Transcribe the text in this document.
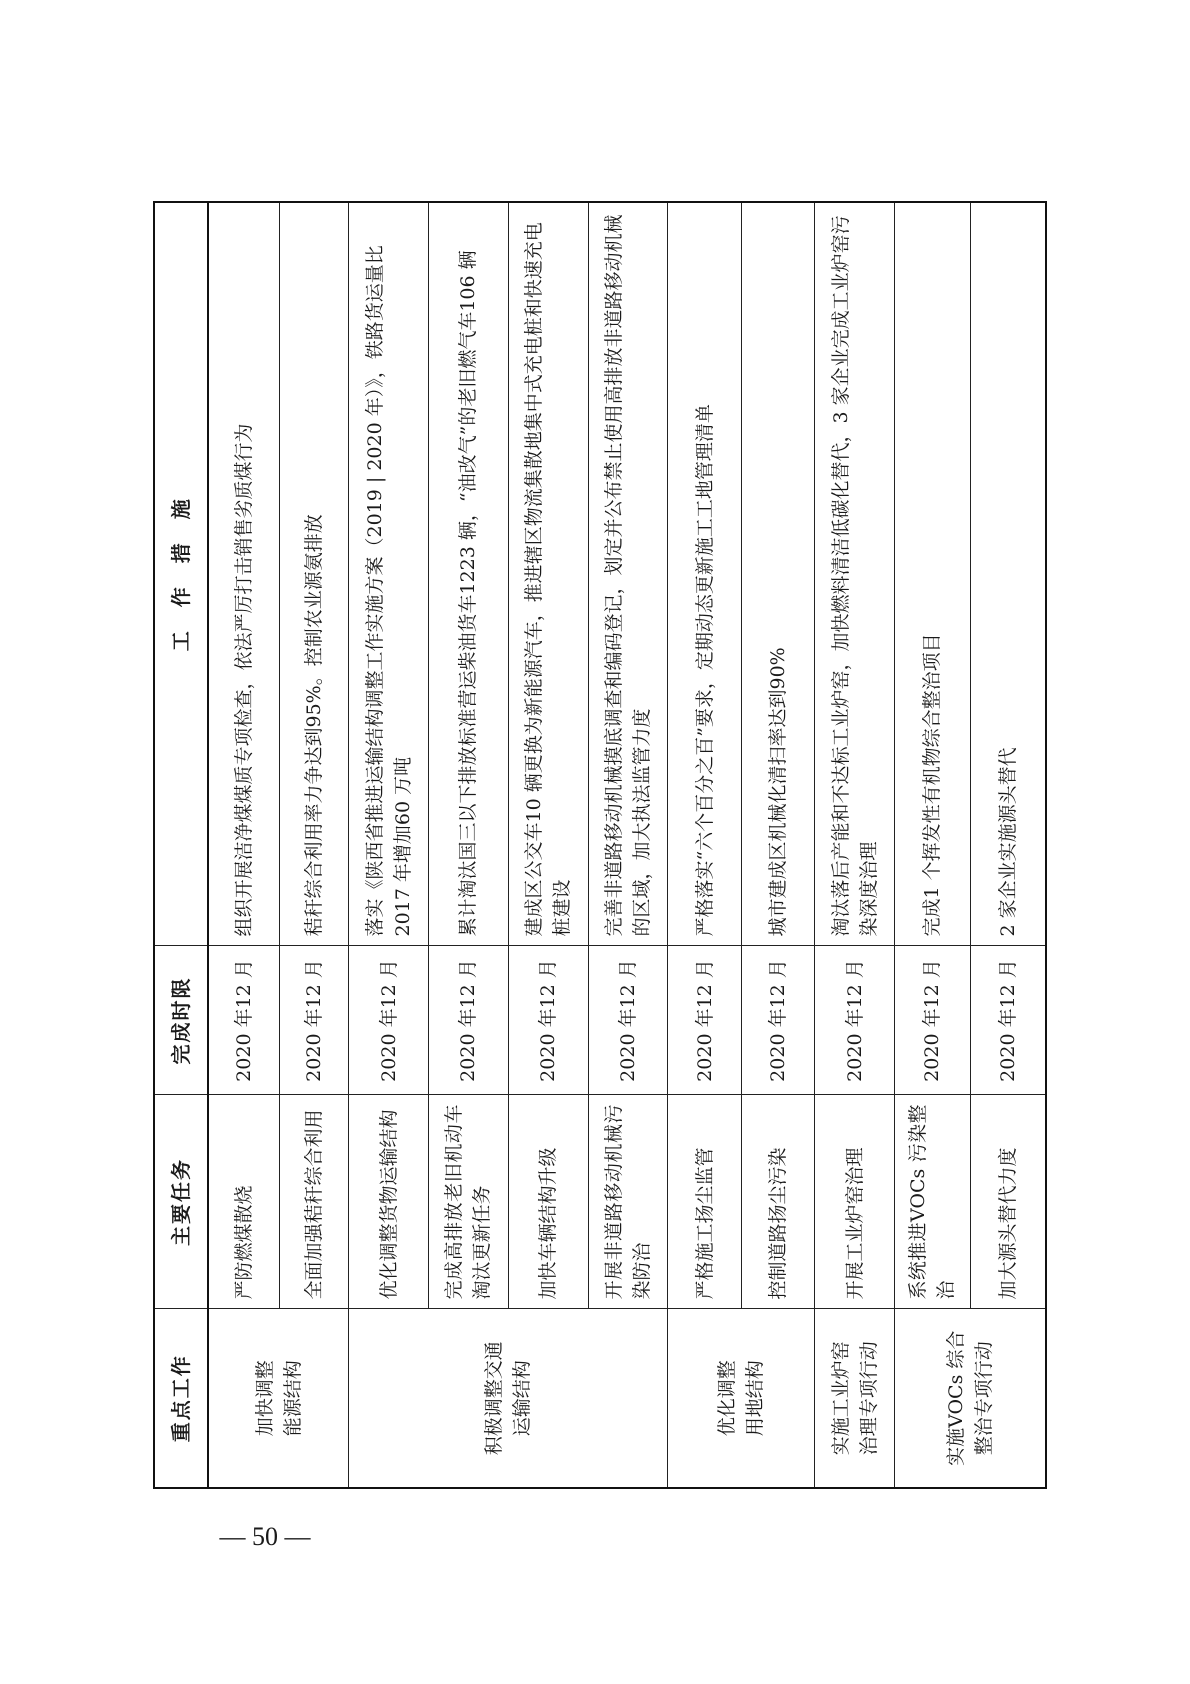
重点工作	主要任务	完成时限	工　作　措　施
加快调整
能源结构	严防燃煤散烧	2020 年12 月	组织开展洁净煤煤质专项检查，依法严厉打击销售劣质煤行为
	全面加强秸秆综合利用	2020 年12 月	秸秆综合利用率力争达到95%。控制农业源氨排放
积极调整交通
运输结构	优化调整货物运输结构	2020 年12 月	落实《陕西省推进运输结构调整工作实施方案（2019 | 2020 年）》，铁路货运量比2017 年增加60 万吨
	完成高排放老旧机动车淘汰更新任务	2020 年12 月	累计淘汰国三以下排放标准营运柴油货车1223 辆，“油改气”的老旧燃气车106 辆
	加快车辆结构升级	2020 年12 月	建成区公交车10 辆更换为新能源汽车，推进辖区物流集散地集中式充电桩和快速充电桩建设
	开展非道路移动机械污染防治	2020 年12 月	完善非道路移动机械摸底调查和编码登记，划定并公布禁止使用高排放非道路移动机械的区域，加大执法监管力度
优化调整
用地结构	严格施工扬尘监管	2020 年12 月	严格落实“六个百分之百”要求，定期动态更新施工工地管理清单
	控制道路扬尘污染	2020 年12 月	城市建成区机械化清扫率达到90%
实施工业炉窑
治理专项行动	开展工业炉窑治理	2020 年12 月	淘汰落后产能和不达标工业炉窑，加快燃料清洁低碳化替代，3 家企业完成工业炉窑污染深度治理
实施VOCs 综合
整治专项行动	系统推进VOCs 污染整治	2020 年12 月	完成1 个挥发性有机物综合整治项目
	加大源头替代力度	2020 年12 月	2 家企业实施源头替代
— 50 —
